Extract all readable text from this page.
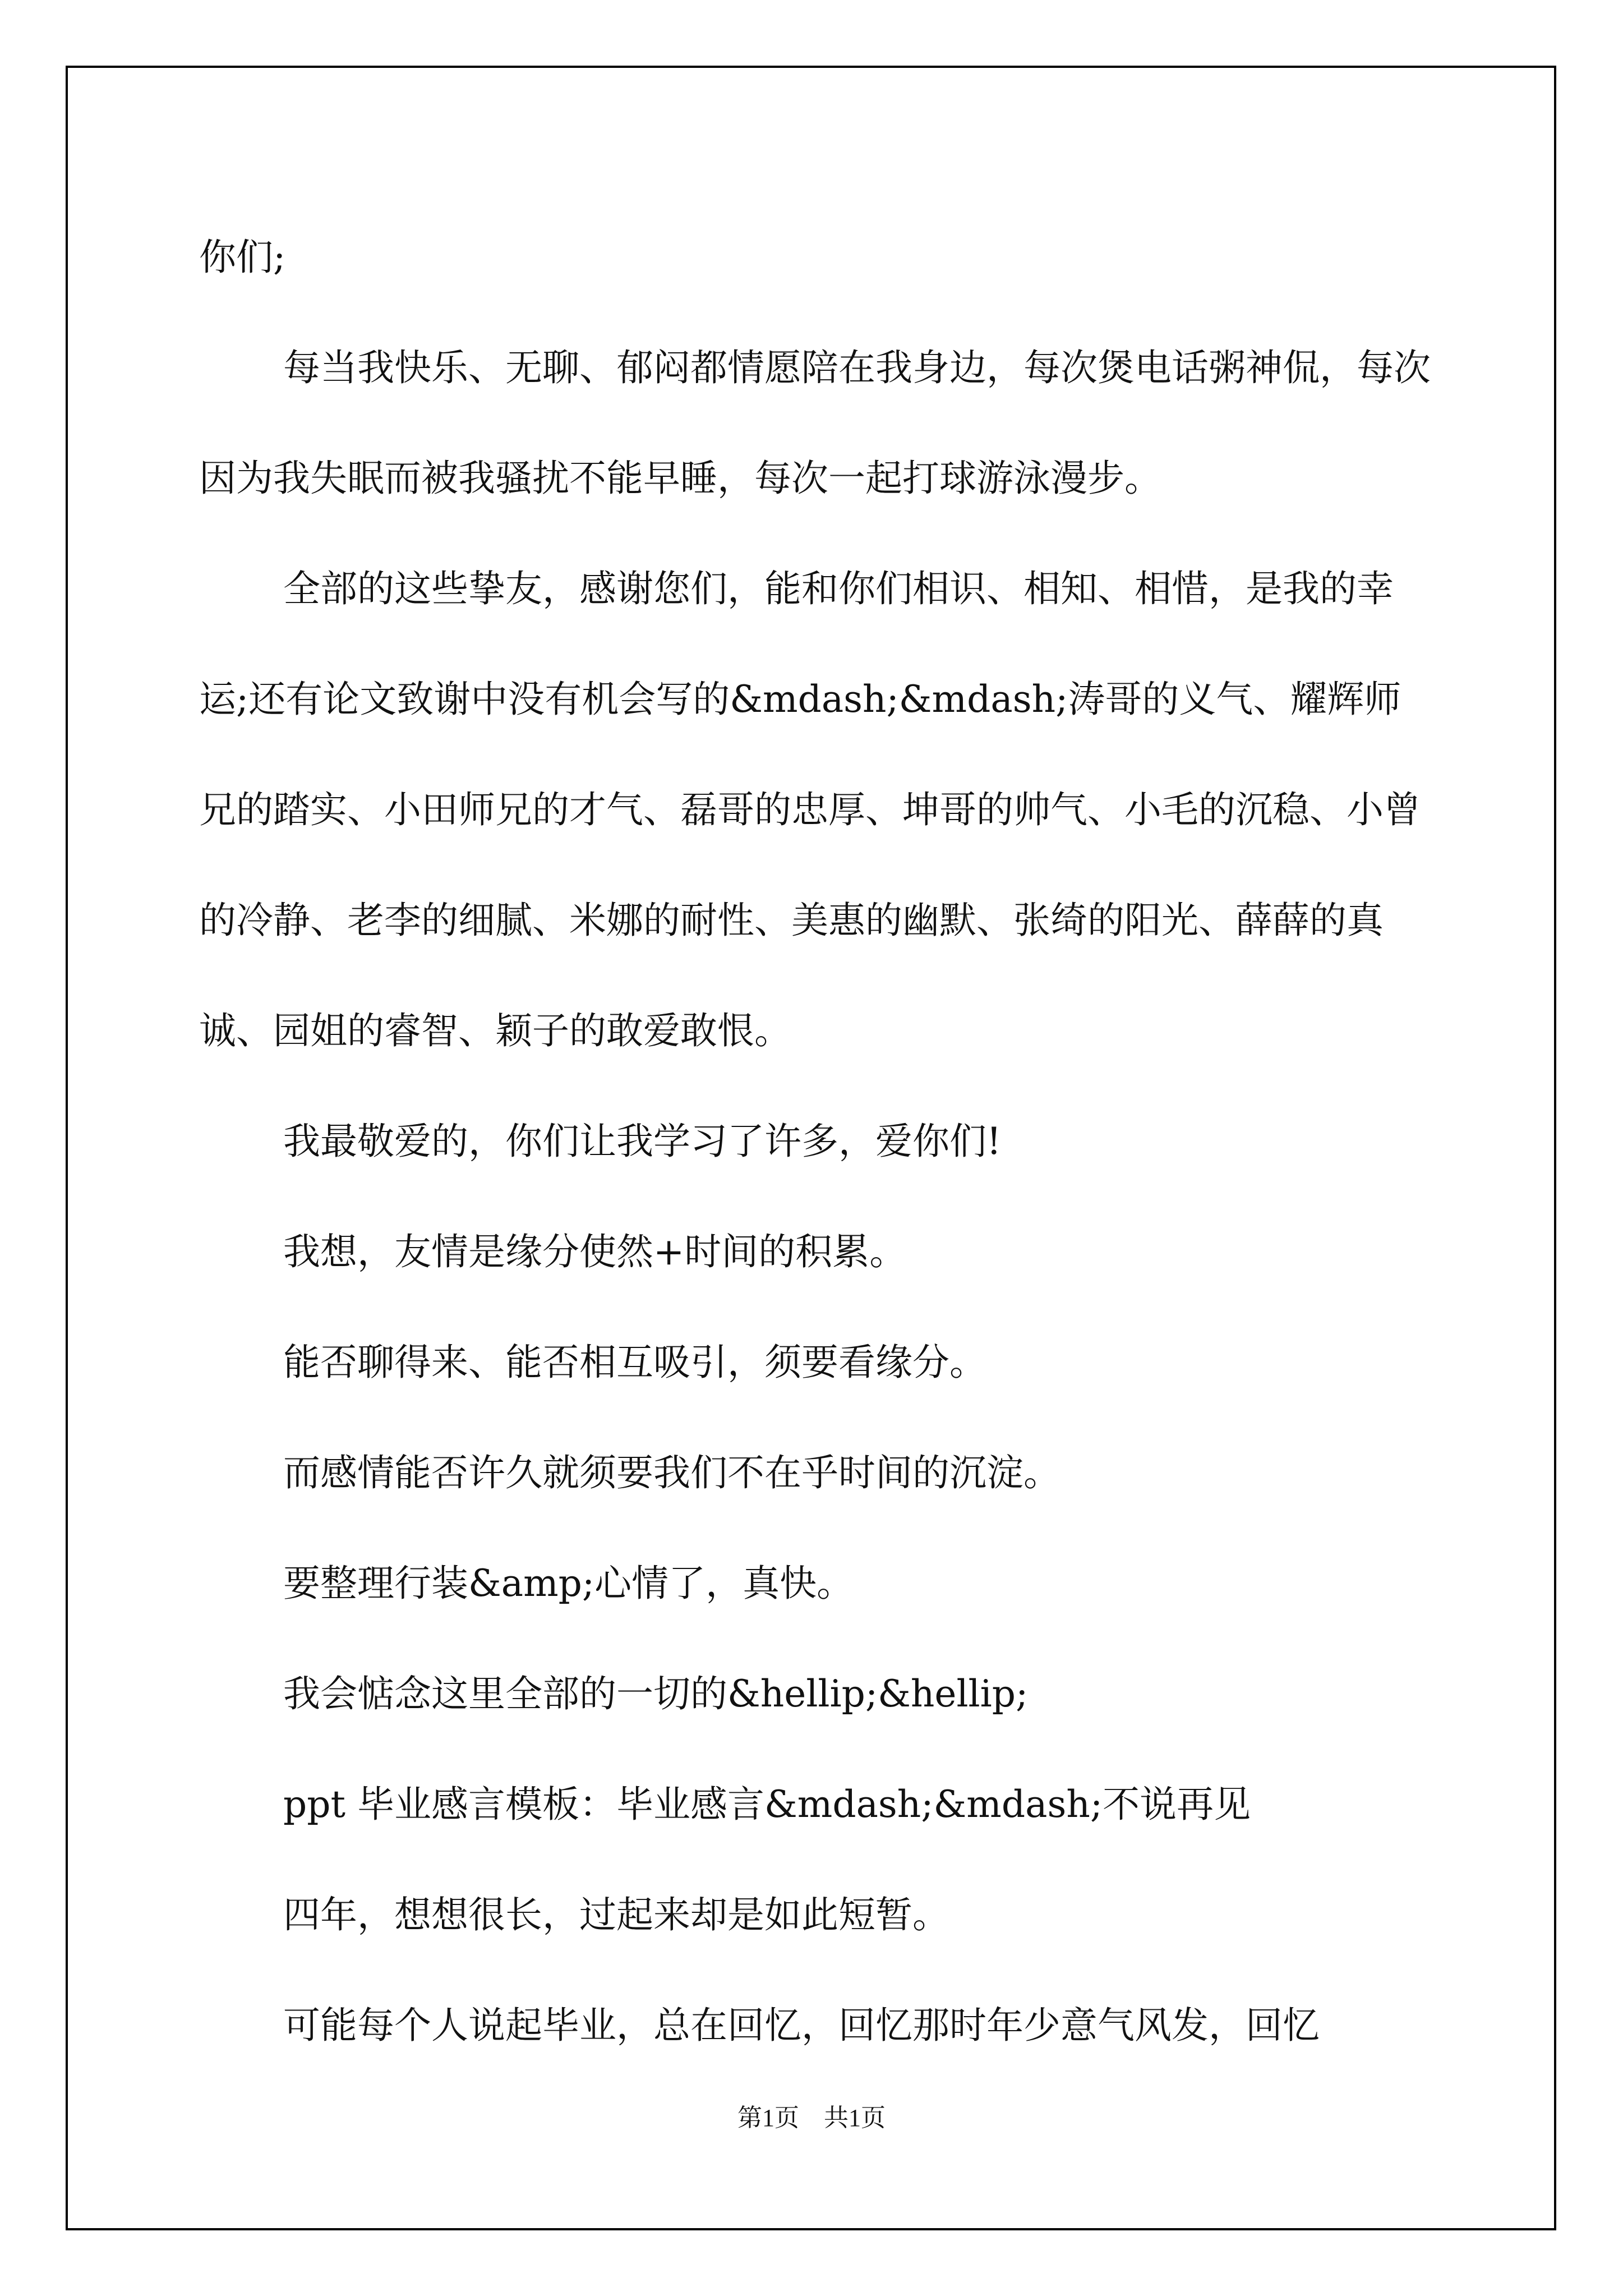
你们;

每当我快乐、无聊、郁闷都情愿陪在我身边，每次煲电话粥神侃，每次因为我失眠而被我骚扰不能早睡，每次一起打球游泳漫步。

全部的这些挚友，感谢您们，能和你们相识、相知、相惜，是我的幸运;还有论文致谢中没有机会写的&mdash;&mdash;涛哥的义气、耀辉师兄的踏实、小田师兄的才气、磊哥的忠厚、坤哥的帅气、小毛的沉稳、小曾的冷静、老李的细腻、米娜的耐性、美惠的幽默、张绮的阳光、薛薛的真诚、园姐的睿智、颖子的敢爱敢恨。

我最敬爱的，你们让我学习了许多，爱你们!

我想，友情是缘分使然+时间的积累。

能否聊得来、能否相互吸引，须要看缘分。

而感情能否许久就须要我们不在乎时间的沉淀。

要整理行装&amp;心情了，真快。

我会惦念这里全部的一切的&hellip;&hellip;

ppt 毕业感言模板：毕业感言&mdash;&mdash;不说再见

四年，想想很长，过起来却是如此短暂。

可能每个人说起毕业，总在回忆，回忆那时年少意气风发，回忆

第1页　共1页
